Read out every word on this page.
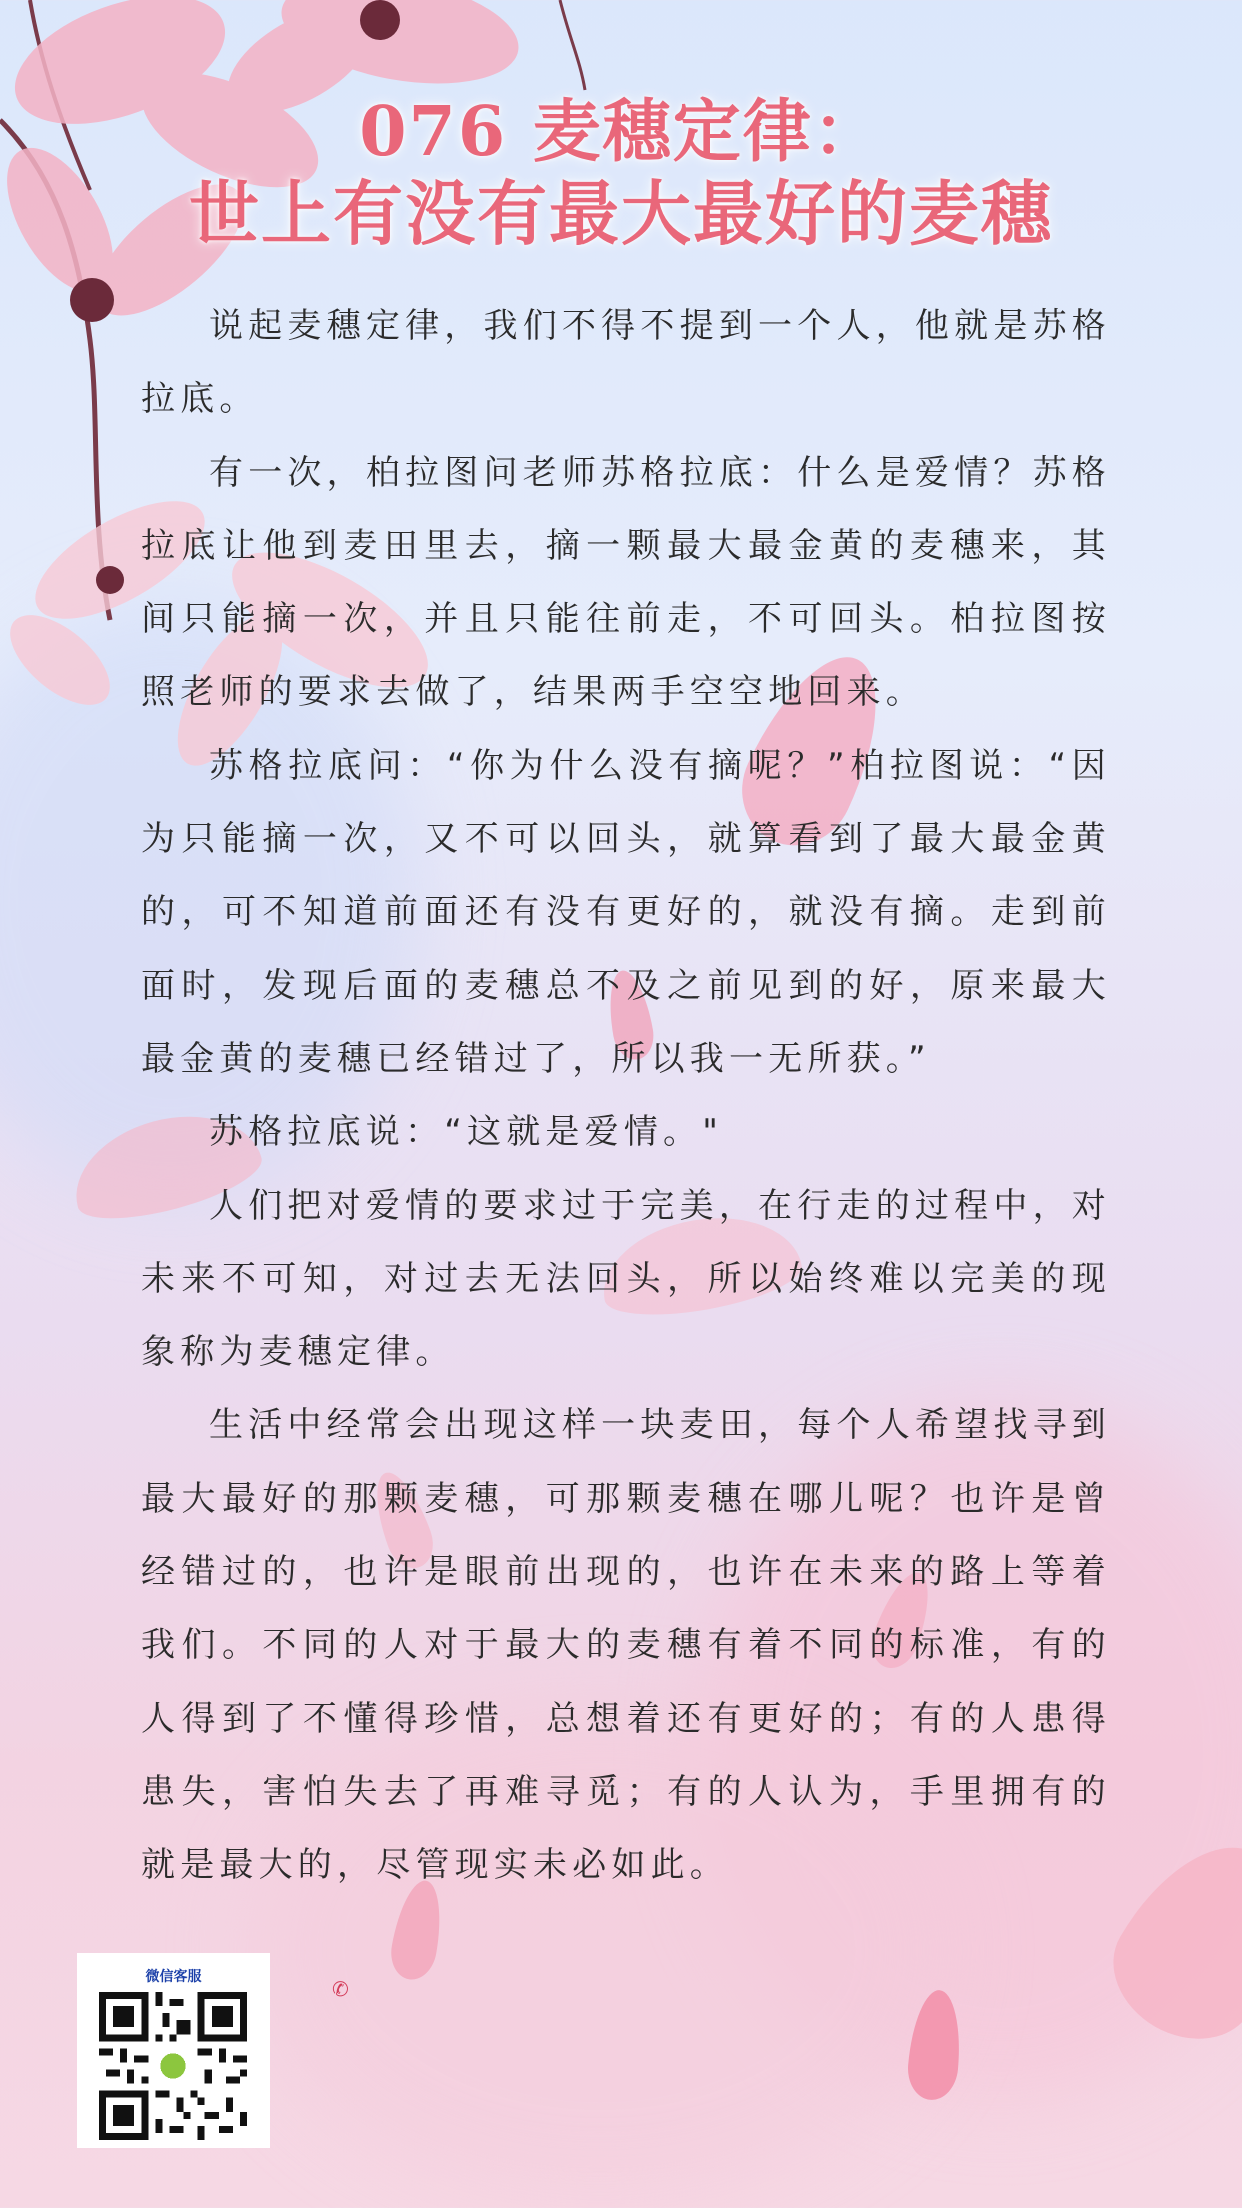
076 麦穗定律：
世上有没有最大最好的麦穗

说起麦穗定律，我们不得不提到一个人，他就是苏格拉底。

有一次，柏拉图问老师苏格拉底：什么是爱情？苏格拉底让他到麦田里去，摘一颗最大最金黄的麦穗来，其间只能摘一次，并且只能往前走，不可回头。柏拉图按照老师的要求去做了，结果两手空空地回来。

苏格拉底问：“你为什么没有摘呢？”柏拉图说：“因为只能摘一次，又不可以回头，就算看到了最大最金黄的，可不知道前面还有没有更好的，就没有摘。走到前面时，发现后面的麦穗总不及之前见到的好，原来最大最金黄的麦穗已经错过了，所以我一无所获。”

苏格拉底说：“这就是爱情。"

人们把对爱情的要求过于完美，在行走的过程中，对未来不可知，对过去无法回头，所以始终难以完美的现象称为麦穗定律。

生活中经常会出现这样一块麦田，每个人希望找寻到最大最好的那颗麦穗，可那颗麦穗在哪儿呢？也许是曾经错过的，也许是眼前出现的，也许在未来的路上等着我们。不同的人对于最大的麦穗有着不同的标准，有的人得到了不懂得珍惜，总想着还有更好的；有的人患得患失，害怕失去了再难寻觅；有的人认为，手里拥有的就是最大的，尽管现实未必如此。

✆
微信客服
